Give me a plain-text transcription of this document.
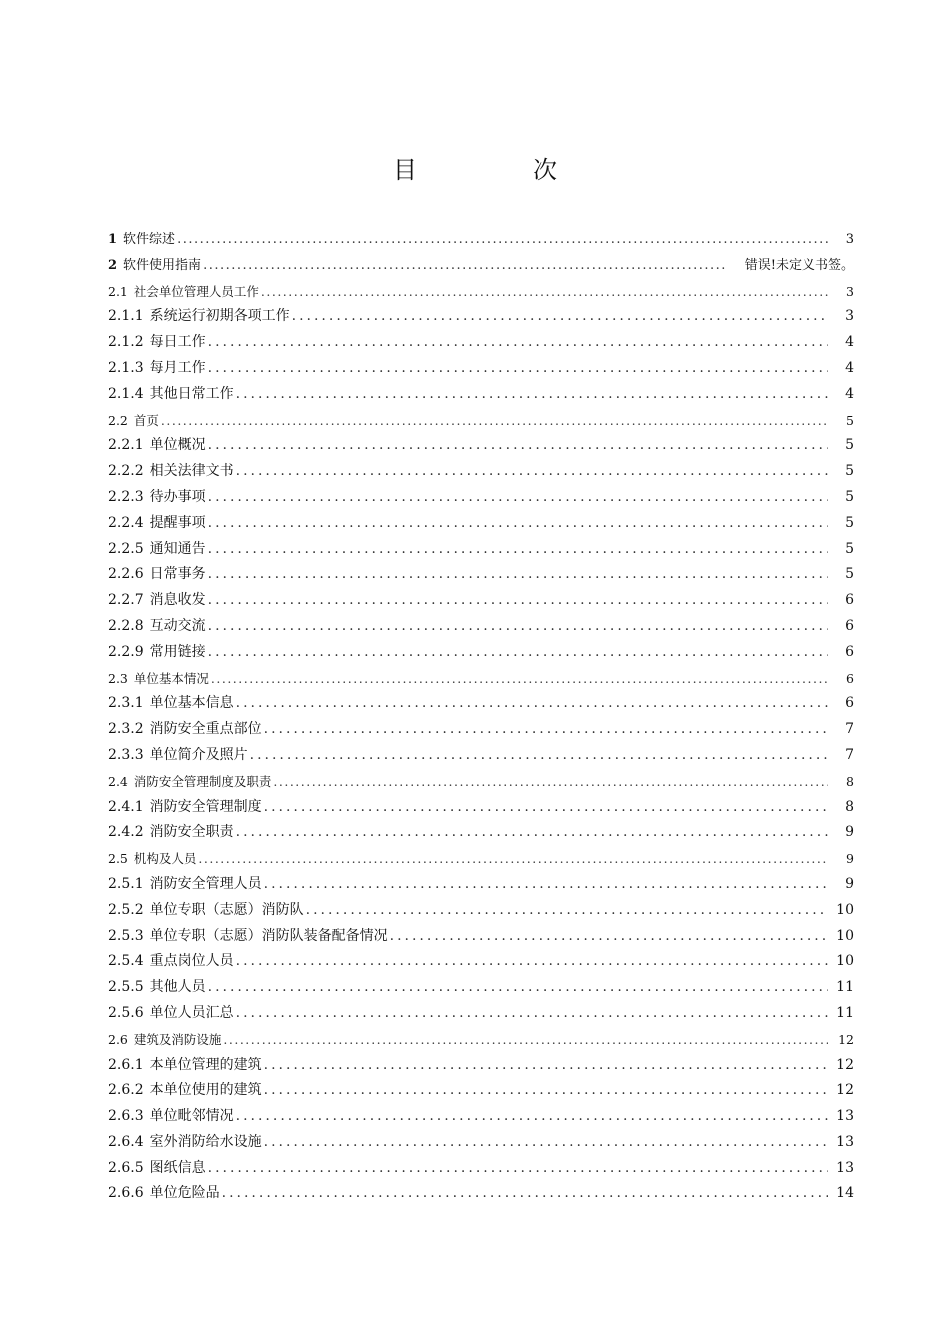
目　次
1 软件综述 .....	3
2 软件使用指南 .....	错误!未定义书签。
2.1 社会单位管理人员工作 .....	3
2.1.1 系统运行初期各项工作 .....	3
2.1.2 每日工作 .....	4
2.1.3 每月工作 .....	4
2.1.4 其他日常工作 .....	4
2.2 首页 .....	5
2.2.1 单位概况 .....	5
2.2.2 相关法律文书 .....	5
2.2.3 待办事项 .....	5
2.2.4 提醒事项 .....	5
2.2.5 通知通告 .....	5
2.2.6 日常事务 .....	5
2.2.7 消息收发 .....	6
2.2.8 互动交流 .....	6
2.2.9 常用链接 .....	6
2.3 单位基本情况 .....	6
2.3.1 单位基本信息 .....	6
2.3.2 消防安全重点部位 .....	7
2.3.3 单位简介及照片 .....	7
2.4 消防安全管理制度及职责 .....	8
2.4.1 消防安全管理制度 .....	8
2.4.2 消防安全职责 .....	9
2.5 机构及人员 .....	9
2.5.1 消防安全管理人员 .....	9
2.5.2 单位专职（志愿）消防队 .....	10
2.5.3 单位专职（志愿）消防队装备配备情况 .....	10
2.5.4 重点岗位人员 .....	10
2.5.5 其他人员 .....	11
2.5.6 单位人员汇总 .....	11
2.6 建筑及消防设施 .....	12
2.6.1 本单位管理的建筑 .....	12
2.6.2 本单位使用的建筑 .....	12
2.6.3 单位毗邻情况 .....	13
2.6.4 室外消防给水设施 .....	13
2.6.5 图纸信息 .....	13
2.6.6 单位危险品 .....	14
